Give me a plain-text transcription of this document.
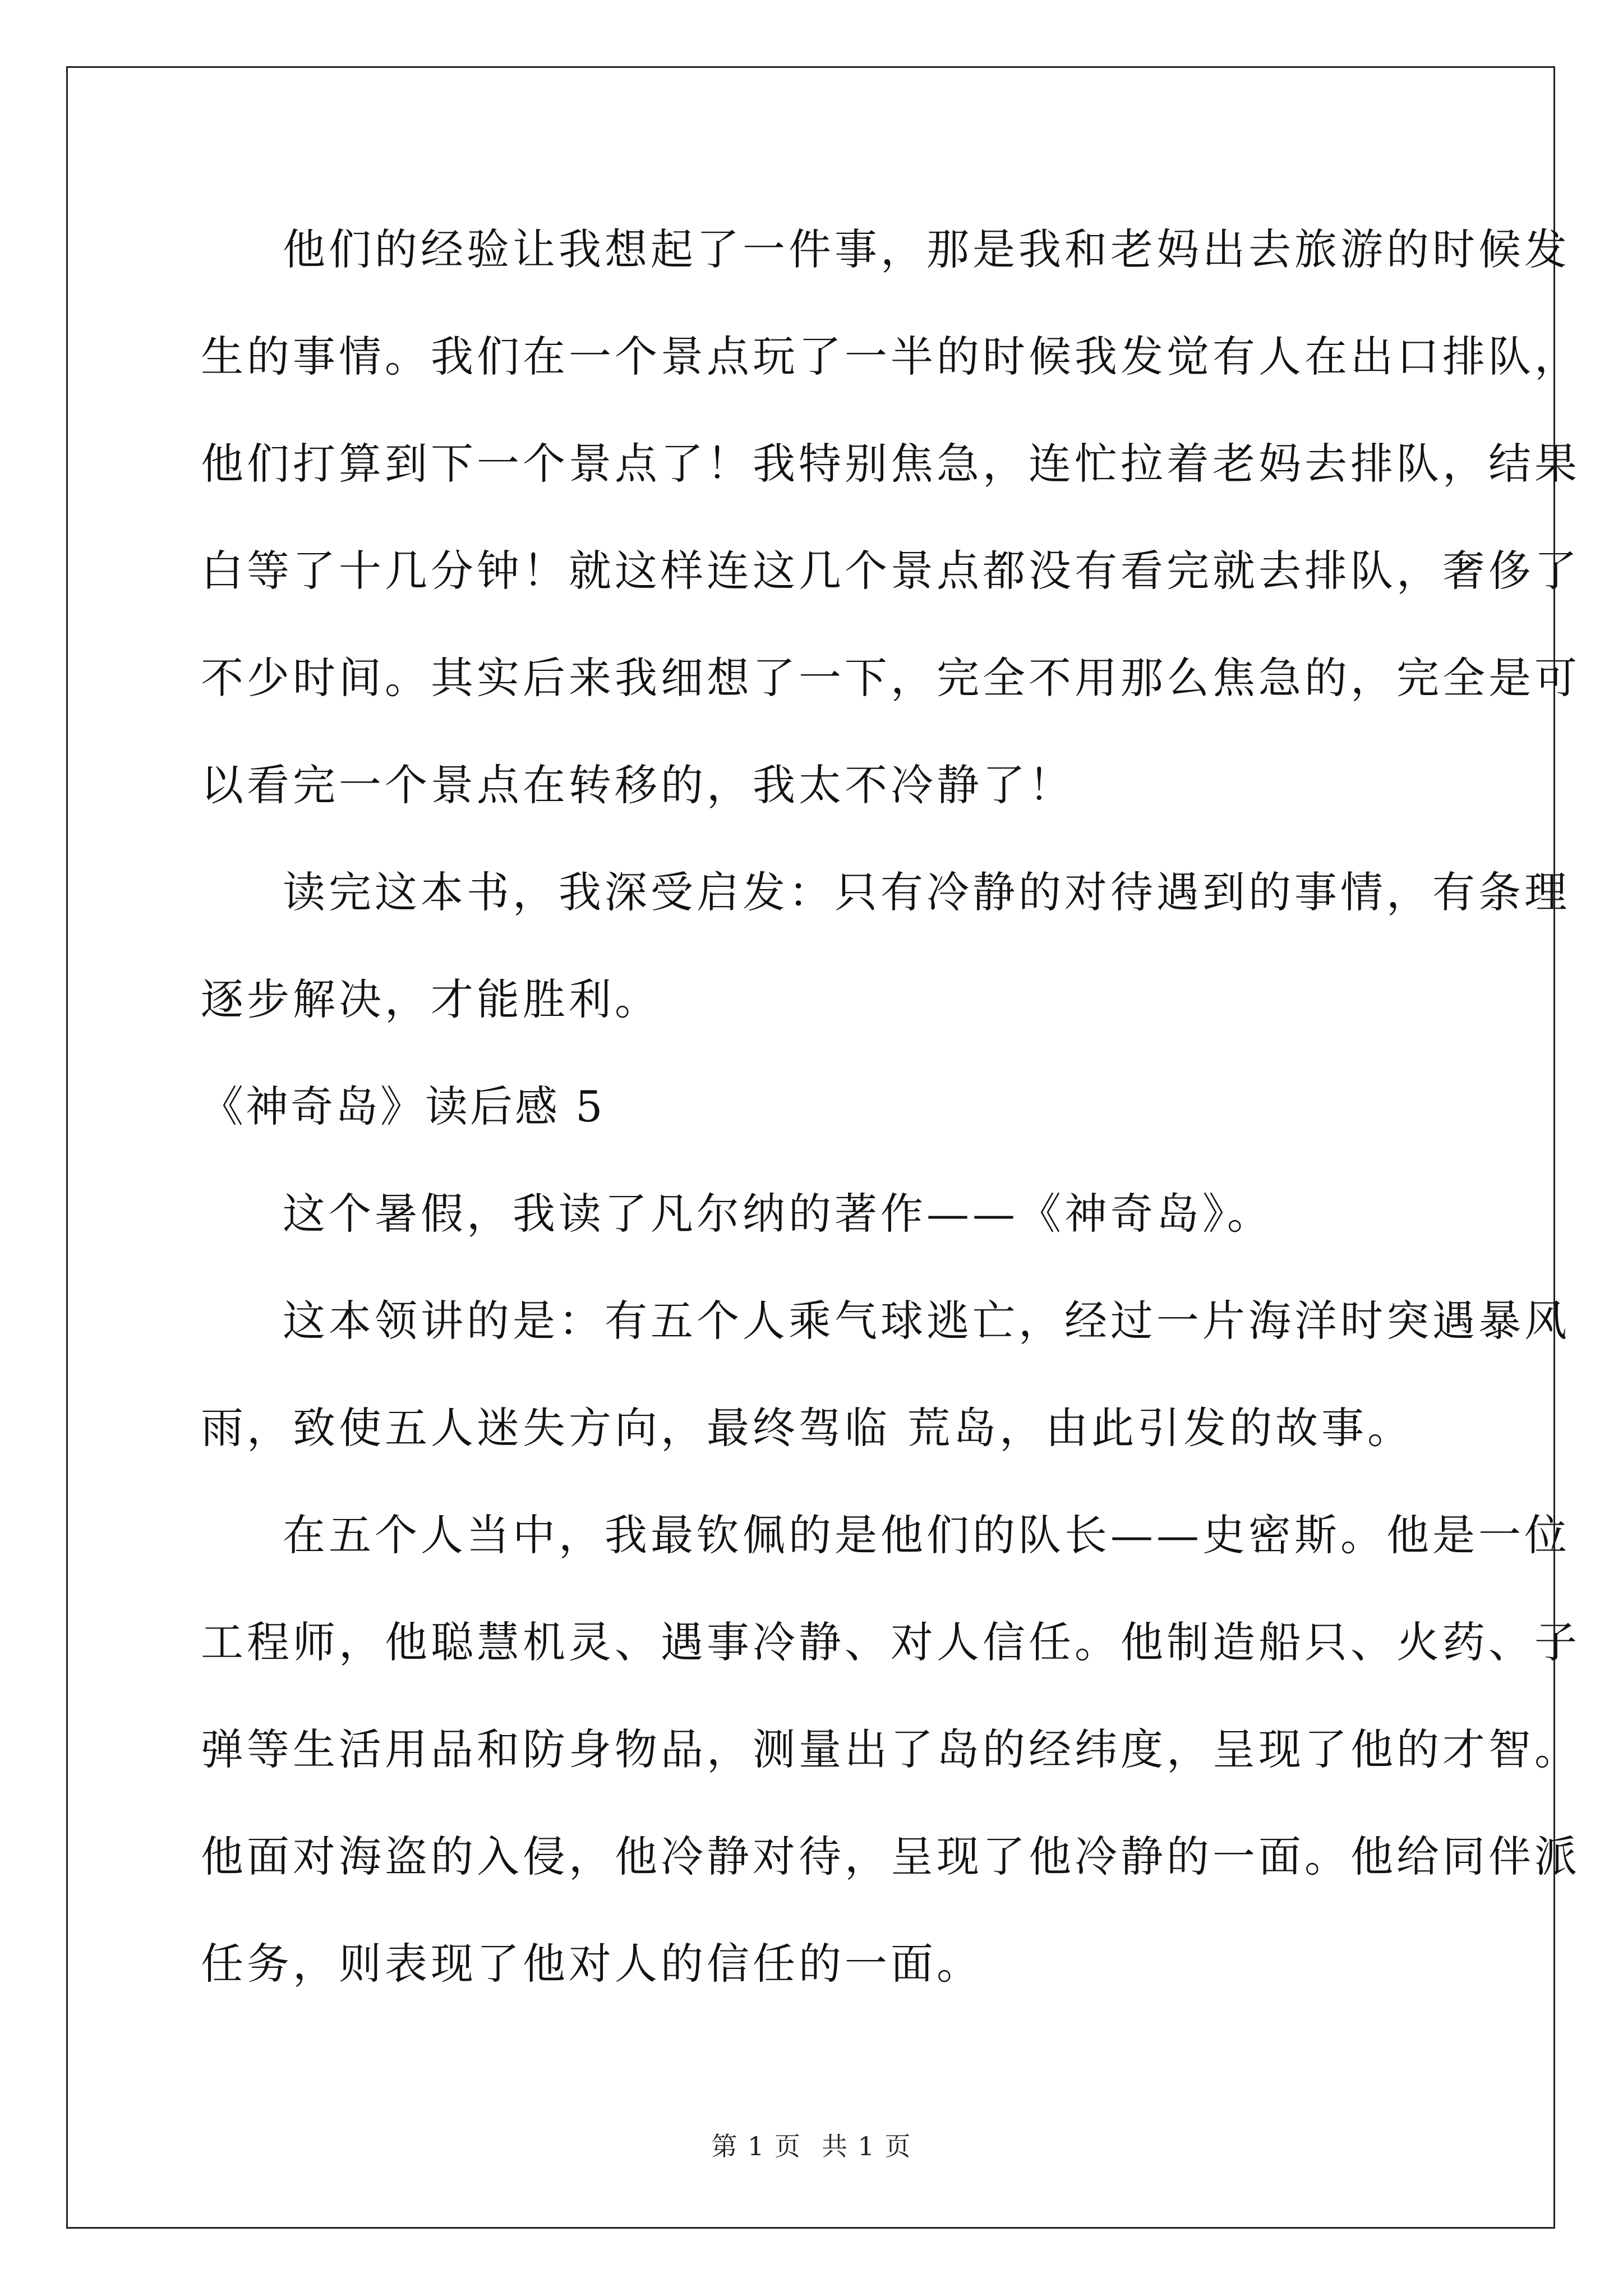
他们的经验让我想起了一件事，那是我和老妈出去旅游的时候发
生的事情。我们在一个景点玩了一半的时候我发觉有人在出口排队，
他们打算到下一个景点了！我特别焦急，连忙拉着老妈去排队，结果
白等了十几分钟！就这样连这几个景点都没有看完就去排队，奢侈了
不少时间。其实后来我细想了一下，完全不用那么焦急的，完全是可
以看完一个景点在转移的，我太不冷静了！
读完这本书，我深受启发：只有冷静的对待遇到的事情，有条理
逐步解决，才能胜利。
《神奇岛》读后感 5
这个暑假，我读了凡尔纳的著作——《神奇岛》。
这本领讲的是：有五个人乘气球逃亡，经过一片海洋时突遇暴风
雨，致使五人迷失方向，最终驾临 荒岛，由此引发的故事。
在五个人当中，我最钦佩的是他们的队长——史密斯。他是一位
工程师，他聪慧机灵、遇事冷静、对人信任。他制造船只、火药、子
弹等生活用品和防身物品，测量出了岛的经纬度，呈现了他的才智。
他面对海盗的入侵，他冷静对待，呈现了他冷静的一面。他给同伴派
任务，则表现了他对人的信任的一面。
第 1 页 共 1 页
